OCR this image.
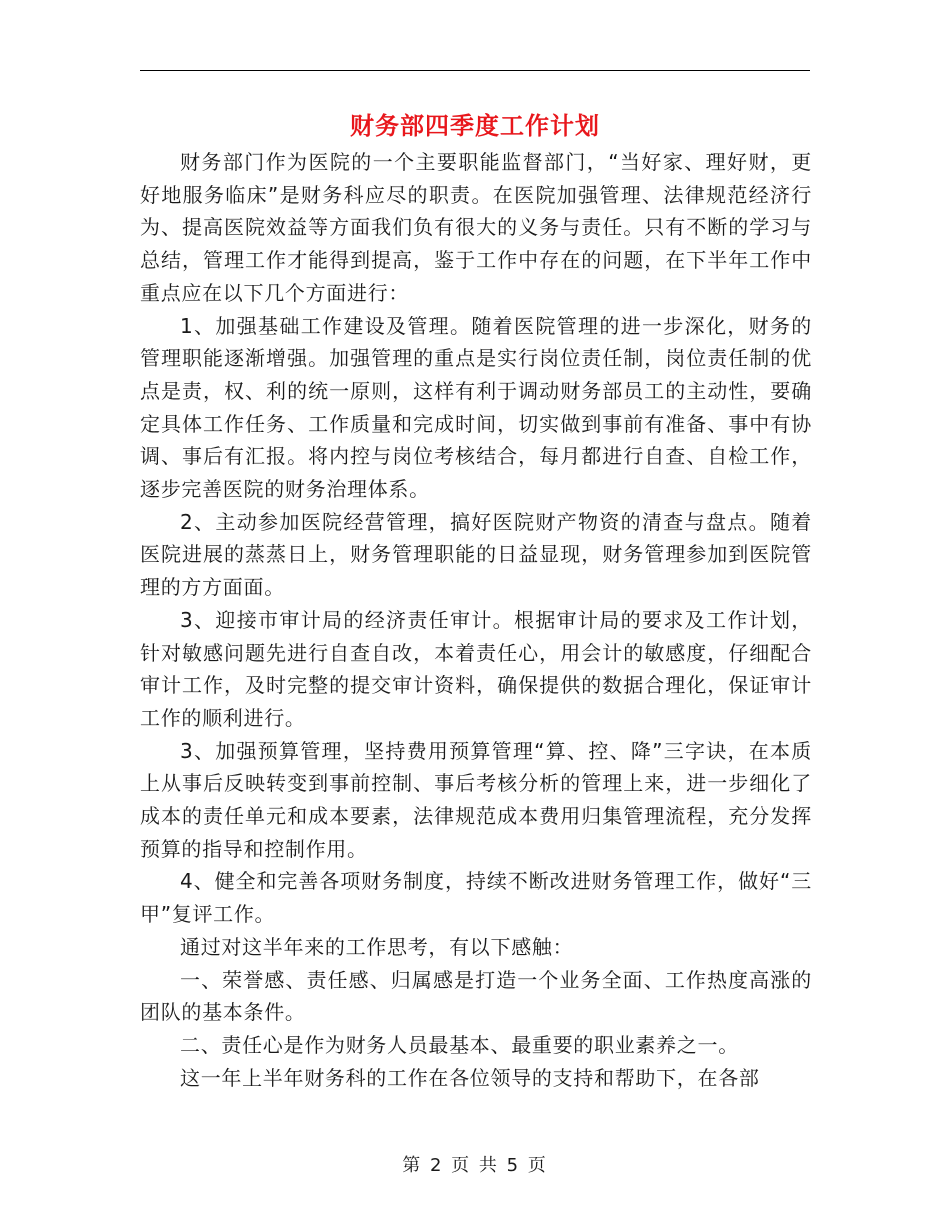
财务部四季度工作计划

财务部门作为医院的一个主要职能监督部门，“当好家、理好财，更好地服务临床”是财务科应尽的职责。在医院加强管理、法律规范经济行为、提高医院效益等方面我们负有很大的义务与责任。只有不断的学习与总结，管理工作才能得到提高，鉴于工作中存在的问题，在下半年工作中重点应在以下几个方面进行：

1、加强基础工作建设及管理。随着医院管理的进一步深化，财务的管理职能逐渐增强。加强管理的重点是实行岗位责任制，岗位责任制的优点是责，权、利的统一原则，这样有利于调动财务部员工的主动性，要确定具体工作任务、工作质量和完成时间，切实做到事前有准备、事中有协调、事后有汇报。将内控与岗位考核结合，每月都进行自查、自检工作，逐步完善医院的财务治理体系。

2、主动参加医院经营管理，搞好医院财产物资的清查与盘点。随着医院进展的蒸蒸日上，财务管理职能的日益显现，财务管理参加到医院管理的方方面面。

3、迎接市审计局的经济责任审计。根据审计局的要求及工作计划，针对敏感问题先进行自查自改，本着责任心，用会计的敏感度，仔细配合审计工作，及时完整的提交审计资料，确保提供的数据合理化，保证审计工作的顺利进行。

3、加强预算管理，坚持费用预算管理“算、控、降”三字诀，在本质上从事后反映转变到事前控制、事后考核分析的管理上来，进一步细化了成本的责任单元和成本要素，法律规范成本费用归集管理流程，充分发挥预算的指导和控制作用。

4、健全和完善各项财务制度，持续不断改进财务管理工作，做好“三甲”复评工作。

通过对这半年来的工作思考，有以下感触：

一、荣誉感、责任感、归属感是打造一个业务全面、工作热度高涨的团队的基本条件。

二、责任心是作为财务人员最基本、最重要的职业素养之一。

这一年上半年财务科的工作在各位领导的支持和帮助下，在各部

第 2 页 共 5 页
